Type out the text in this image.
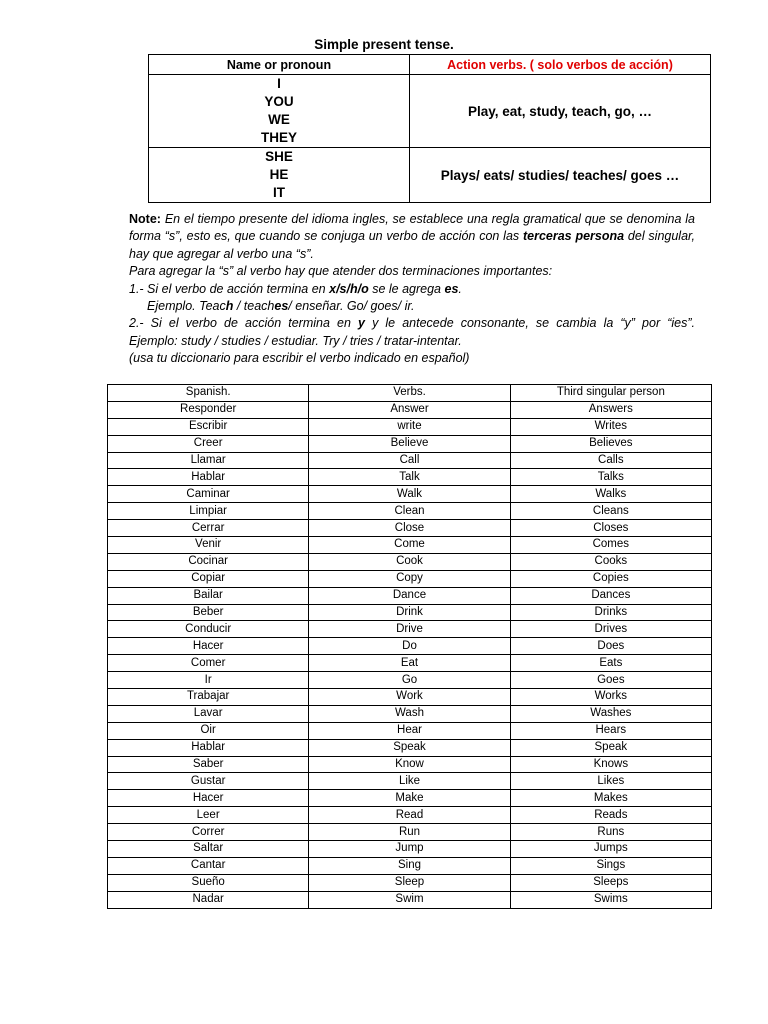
Simple present tense.
Name or pronoun	Action verbs. ( solo verbos de acción)

I
YOU
WE
THEY	Play, eat, study, teach, go, …

SHE
HE
IT	Plays/ eats/ studies/ teaches/ goes …
Note: En el tiempo presente del idioma ingles, se establece una regla gramatical que se denomina la forma “s”, esto es, que cuando se conjuga un verbo de acción con las terceras persona del singular, hay que agregar al verbo una “s”.
Para agregar la “s” al verbo hay que atender dos terminaciones importantes:
1.- Si el verbo de acción termina en x/s/h/o se le agrega es.
Ejemplo. Teach / teaches/ enseñar. Go/ goes/ ir.
2.- Si el verbo de acción termina en y y le antecede consonante, se cambia la “y” por “ies”.
Ejemplo: study / studies / estudiar. Try / tries / tratar-intentar.
(usa tu diccionario para escribir el verbo indicado en español)
Spanish.	Verbs.	Third singular person
Responder	Answer	Answers
Escribir	write	Writes
Creer	Believe	Believes
Llamar	Call	Calls
Hablar	Talk	Talks
Caminar	Walk	Walks
Limpiar	Clean	Cleans
Cerrar	Close	Closes
Venir	Come	Comes
Cocinar	Cook	Cooks
Copiar	Copy	Copies
Bailar	Dance	Dances
Beber	Drink	Drinks
Conducir	Drive	Drives
Hacer	Do	Does
Comer	Eat	Eats
Ir	Go	Goes
Trabajar	Work	Works
Lavar	Wash	Washes
Oir	Hear	Hears
Hablar	Speak	Speak
Saber	Know	Knows
Gustar	Like	Likes
Hacer	Make	Makes
Leer	Read	Reads
Correr	Run	Runs
Saltar	Jump	Jumps
Cantar	Sing	Sings
Sueño	Sleep	Sleeps
Nadar	Swim	Swims
